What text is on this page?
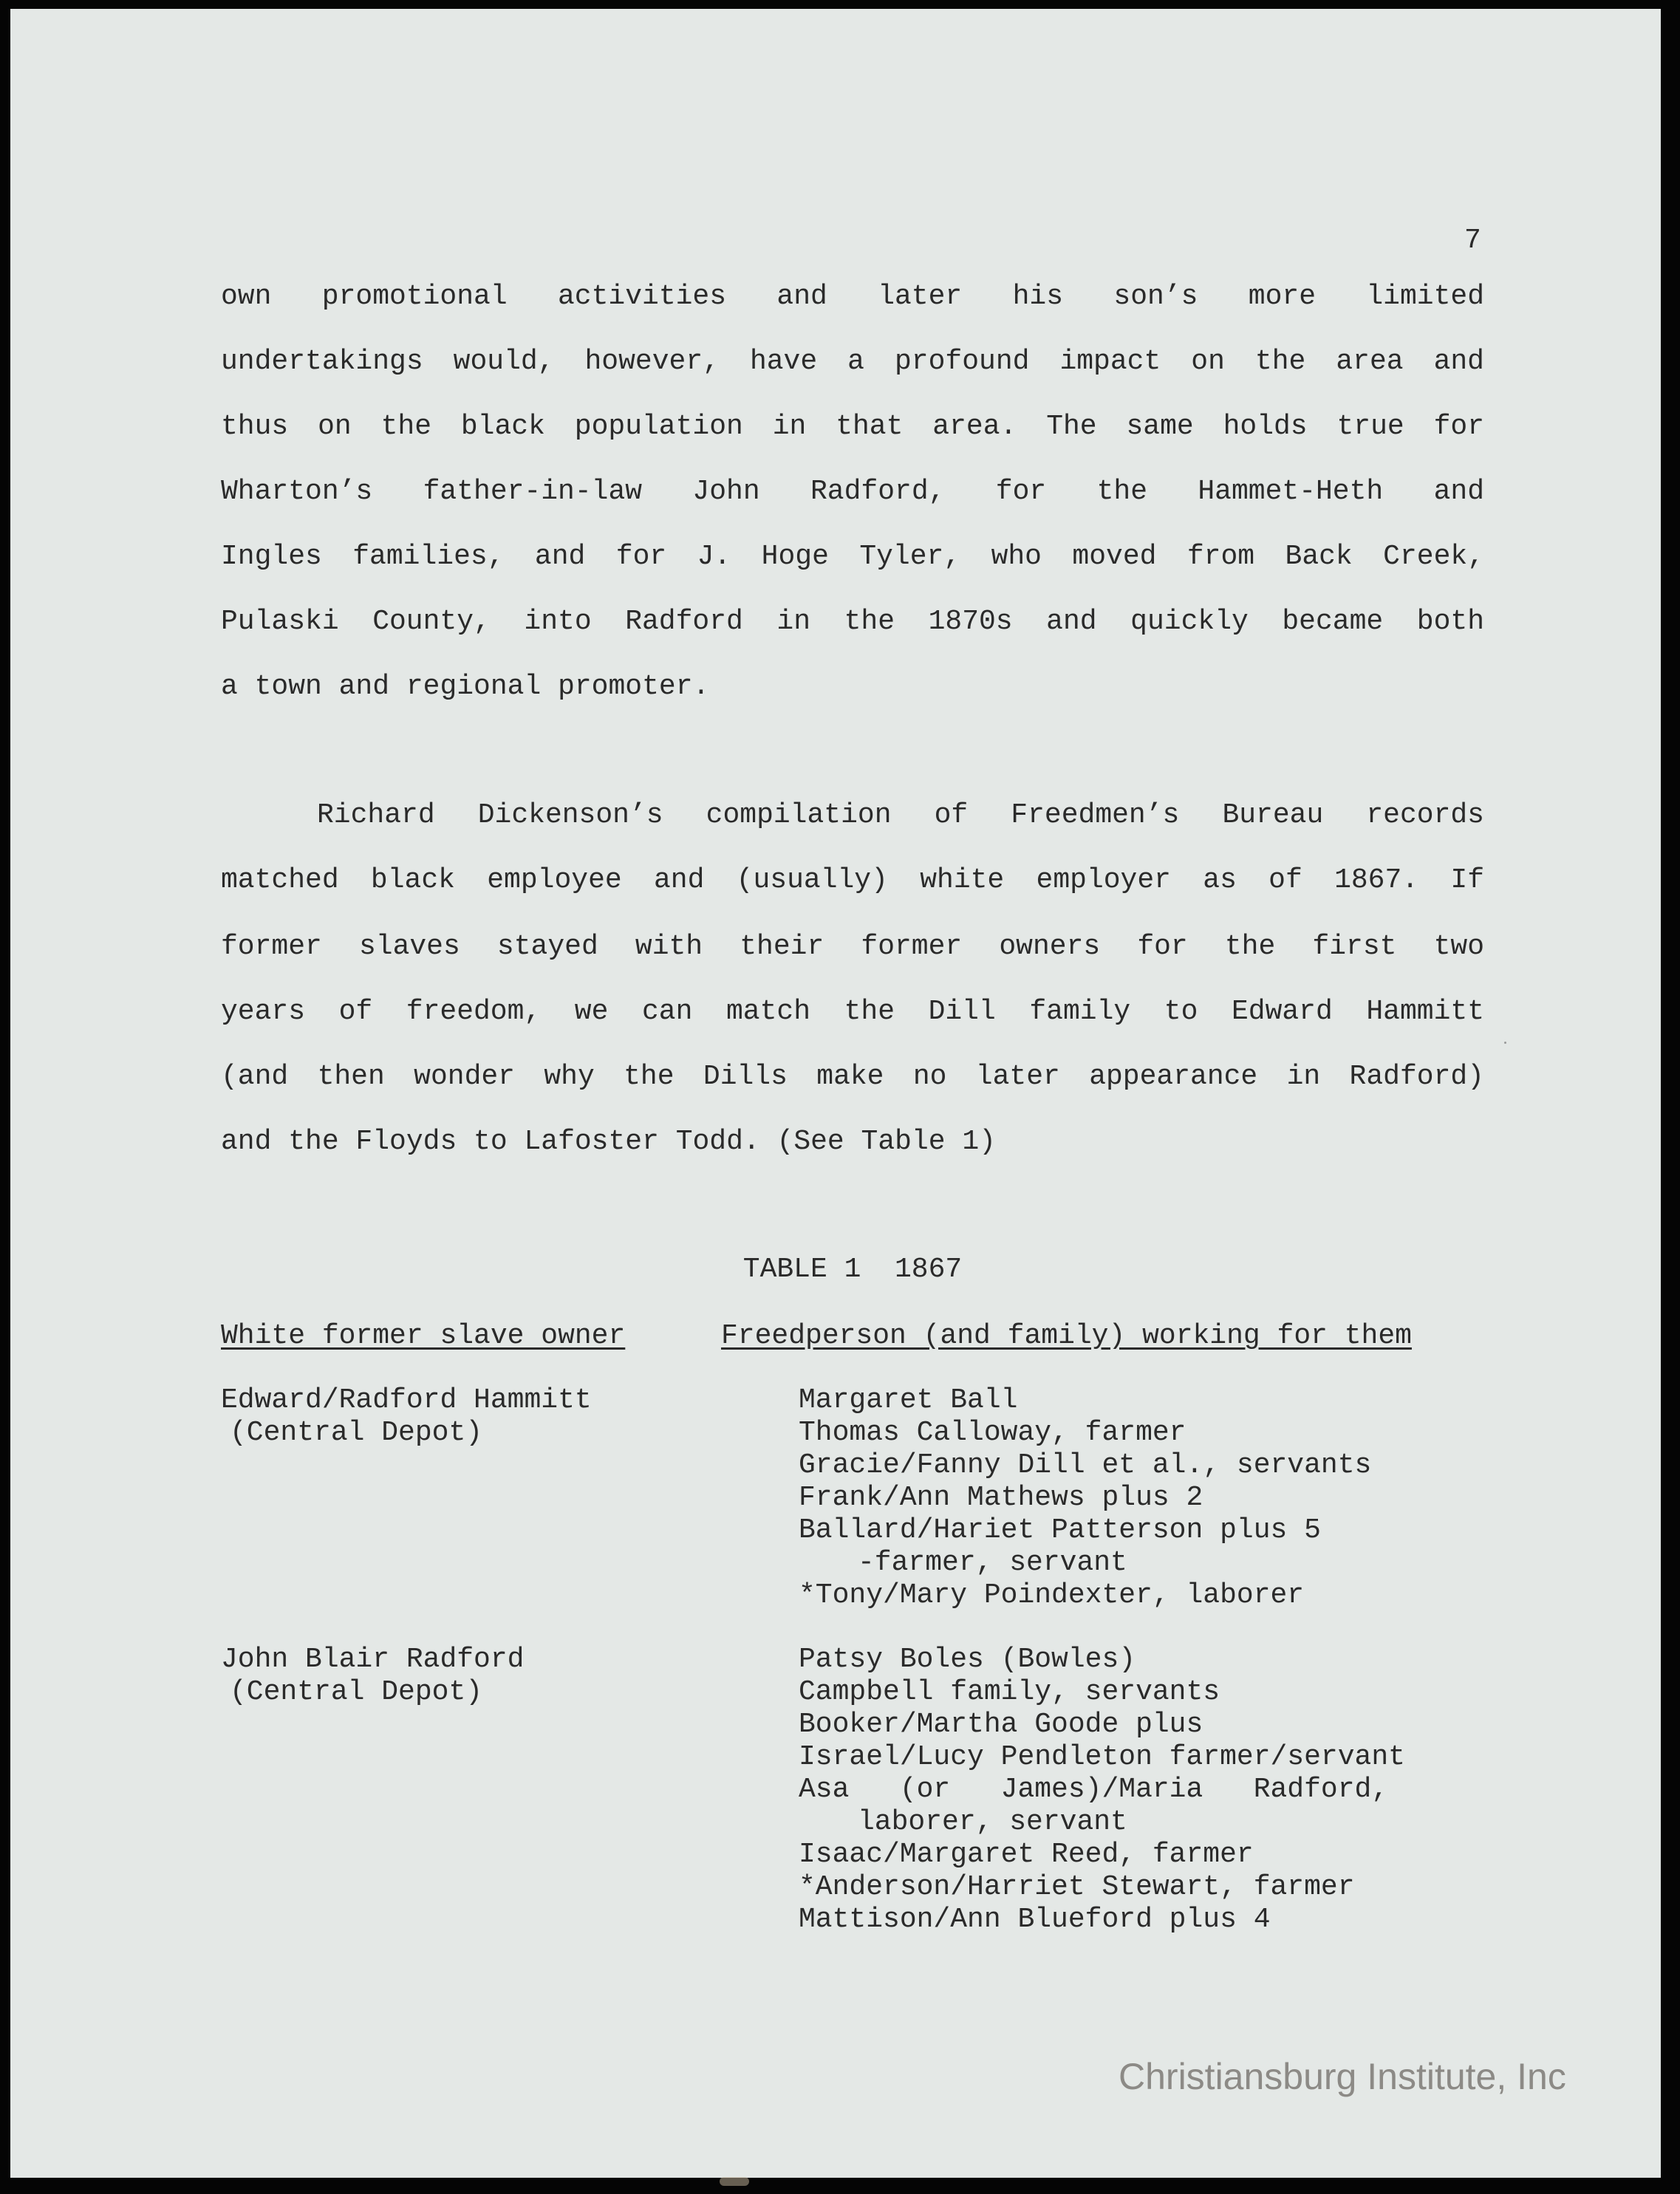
7
own promotional activities and later his son’s more limited
undertakings would, however, have a profound impact on the area and
thus on the black population in that area. The same holds true for
Wharton’s father-in-law John Radford, for the Hammet-Heth and
Ingles families, and for J. Hoge Tyler, who moved from Back Creek,
Pulaski County, into Radford in the 1870s and quickly became both
a town and regional promoter.
Richard Dickenson’s compilation of Freedmen’s Bureau records
matched black employee and (usually) white employer as of 1867. If
former slaves stayed with their former owners for the first two
years of freedom, we can match the Dill family to Edward Hammitt
(and then wonder why the Dills make no later appearance in Radford)
and the Floyds to Lafoster Todd. (See Table 1)
TABLE 1  1867
White former slave owner	Freedperson (and family) working for them
Edward/Radford Hammitt
(Central Depot)
Margaret Ball
Thomas Calloway, farmer
Gracie/Fanny Dill et al., servants
Frank/Ann Mathews plus 2
Ballard/Hariet Patterson plus 5
-farmer, servant
*Tony/Mary Poindexter, laborer
John Blair Radford
(Central Depot)
Patsy Boles (Bowles)
Campbell family, servants
Booker/Martha Goode plus
Israel/Lucy Pendleton farmer/servant
Asa   (or   James)/Maria   Radford,
laborer, servant
Isaac/Margaret Reed, farmer
*Anderson/Harriet Stewart, farmer
Mattison/Ann Blueford plus 4
Christiansburg Institute, Inc
